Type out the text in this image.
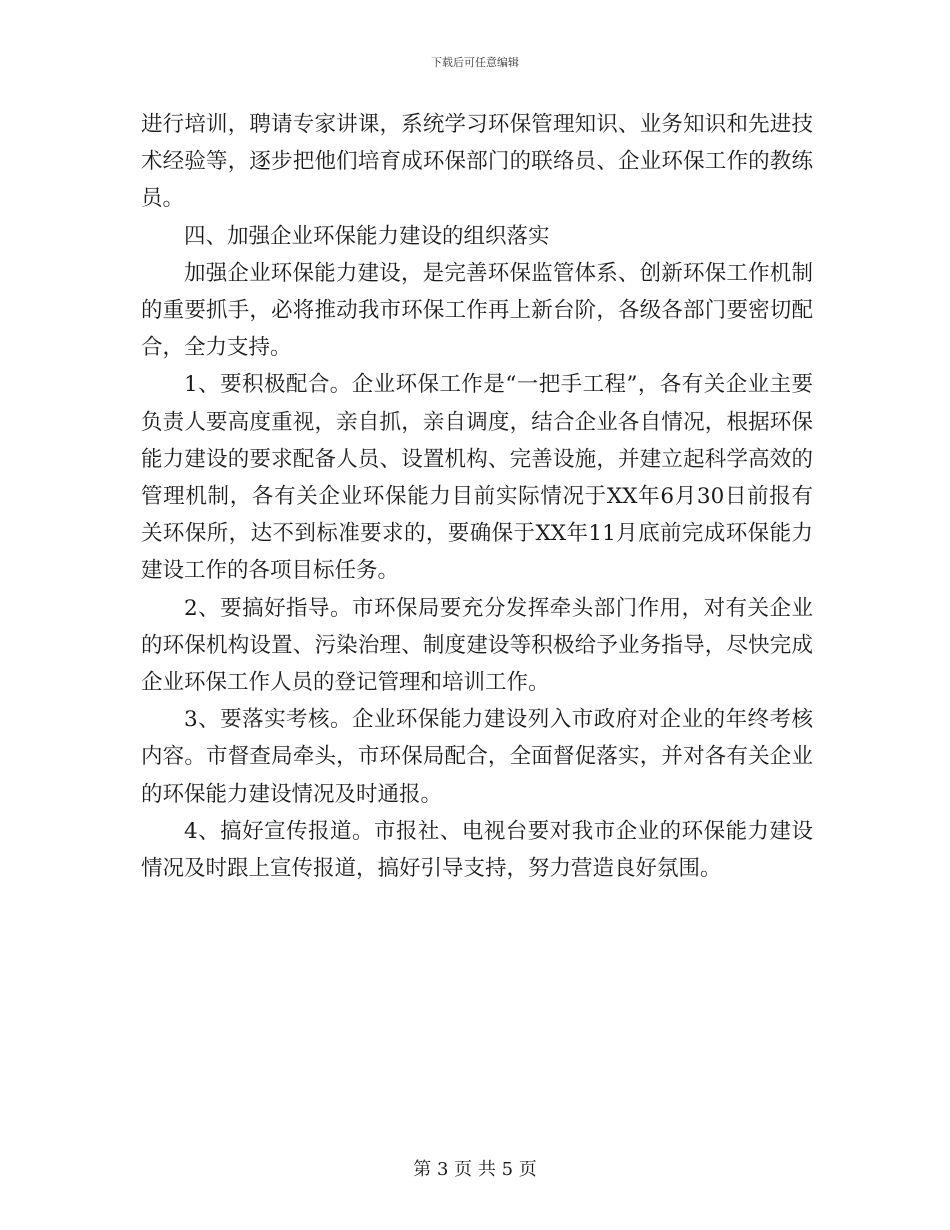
下载后可任意编辑

进行培训，聘请专家讲课，系统学习环保管理知识、业务知识和先进技术经验等，逐步把他们培育成环保部门的联络员、企业环保工作的教练员。

四、加强企业环保能力建设的组织落实

加强企业环保能力建设，是完善环保监管体系、创新环保工作机制的重要抓手，必将推动我市环保工作再上新台阶，各级各部门要密切配合，全力支持。

1、要积极配合。企业环保工作是“一把手工程”，各有关企业主要负责人要高度重视，亲自抓，亲自调度，结合企业各自情况，根据环保能力建设的要求配备人员、设置机构、完善设施，并建立起科学高效的管理机制，各有关企业环保能力目前实际情况于XX年6月30日前报有关环保所，达不到标准要求的，要确保于XX年11月底前完成环保能力建设工作的各项目标任务。

2、要搞好指导。市环保局要充分发挥牵头部门作用，对有关企业的环保机构设置、污染治理、制度建设等积极给予业务指导，尽快完成企业环保工作人员的登记管理和培训工作。

3、要落实考核。企业环保能力建设列入市政府对企业的年终考核内容。市督查局牵头，市环保局配合，全面督促落实，并对各有关企业的环保能力建设情况及时通报。

4、搞好宣传报道。市报社、电视台要对我市企业的环保能力建设情况及时跟上宣传报道，搞好引导支持，努力营造良好氛围。

第 3 页 共 5 页
